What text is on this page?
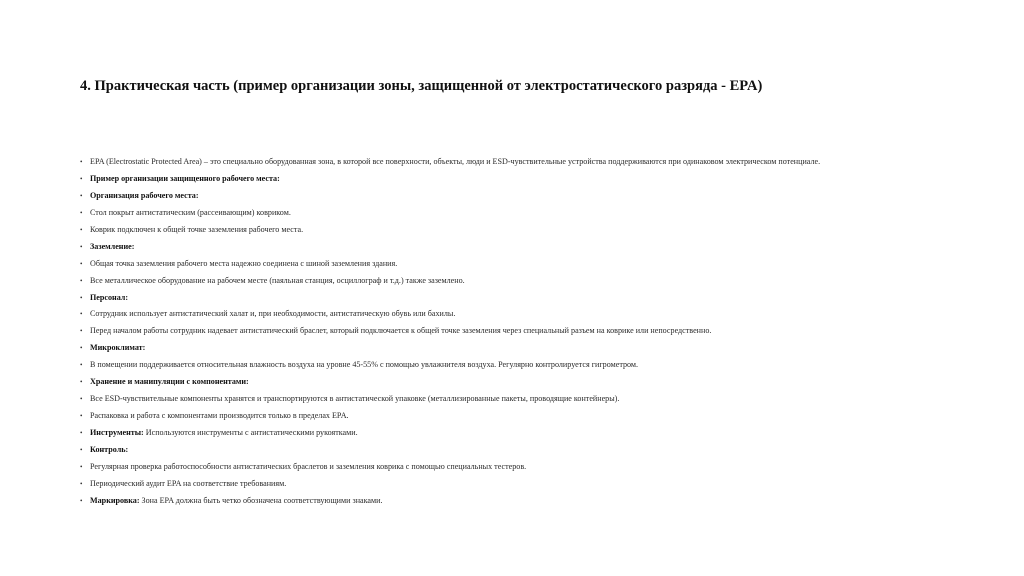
4. Практическая часть (пример организации зоны, защищенной от электростатического разряда - EPA)
• EPA (Electrostatic Protected Area) – это специально оборудованная зона, в которой все поверхности, объекты, люди и ESD-чувствительные устройства поддерживаются при одинаковом электрическом потенциале.
• Пример организации защищенного рабочего места:
• Организация рабочего места:
• Стол покрыт антистатическим (рассеивающим) ковриком.
• Коврик подключен к общей точке заземления рабочего места.
• Заземление:
• Общая точка заземления рабочего места надежно соединена с шиной заземления здания.
• Все металлическое оборудование на рабочем месте (паяльная станция, осциллограф и т.д.) также заземлено.
• Персонал:
• Сотрудник использует антистатический халат и, при необходимости, антистатическую обувь или бахилы.
• Перед началом работы сотрудник надевает антистатический браслет, который подключается к общей точке заземления через специальный разъем на коврике или непосредственно.
• Микроклимат:
• В помещении поддерживается относительная влажность воздуха на уровне 45-55% с помощью увлажнителя воздуха. Регулярно контролируется гигрометром.
• Хранение и манипуляции с компонентами:
• Все ESD-чувствительные компоненты хранятся и транспортируются в антистатической упаковке (металлизированные пакеты, проводящие контейнеры).
• Распаковка и работа с компонентами производится только в пределах EPA.
• Инструменты: Используются инструменты с антистатическими рукоятками.
• Контроль:
• Регулярная проверка работоспособности антистатических браслетов и заземления коврика с помощью специальных тестеров.
• Периодический аудит EPA на соответствие требованиям.
• Маркировка: Зона EPA должна быть четко обозначена соответствующими знаками.
